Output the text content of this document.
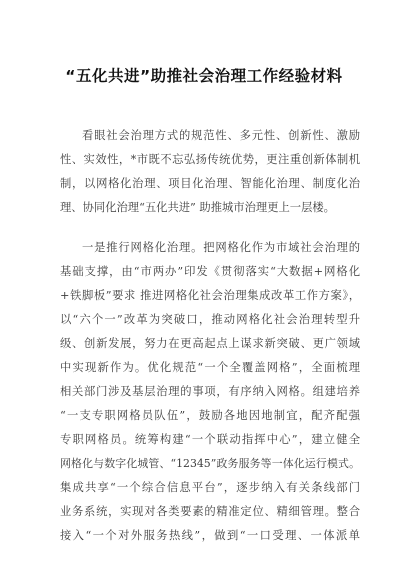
“五化共进”助推社会治理工作经验材料
看眼社会治理方式的规范性、多元性、创新性、激励
性、实效性，*市既不忘弘扬传统优势，更注重创新体制机
制，以网格化治理、项目化治理、智能化治理、制度化治
理、协同化治理“五化共进” 助推城市治理更上一层楼。
一是推行网格化治理。把网格化作为市域社会治理的
基础支撑，由“市两办”印发《贯彻落实“大数据+网格化
+铁脚板”要求 推进网格化社会治理集成改革工作方案》，
以“六个一”改革为突破口，推动网格化社会治理转型升
级、创新发展，努力在更高起点上谋求新突破、更广领域
中实现新作为。优化规范“一个全覆盖网格”，全面梳理
相关部门涉及基层治理的事项，有序纳入网格。组建培养
“一支专职网格员队伍”，鼓励各地因地制宜，配齐配强
专职网格员。统筹构建“一个联动指挥中心”，建立健全
网格化与数字化城管、“12345”政务服务等一体化运行模式。
集成共享“一个综合信息平台”，逐步纳入有关条线部门
业务系统，实现对各类要素的精准定位、精细管理。整合
接入“一个对外服务热线”，做到“一口受理、一体派单
